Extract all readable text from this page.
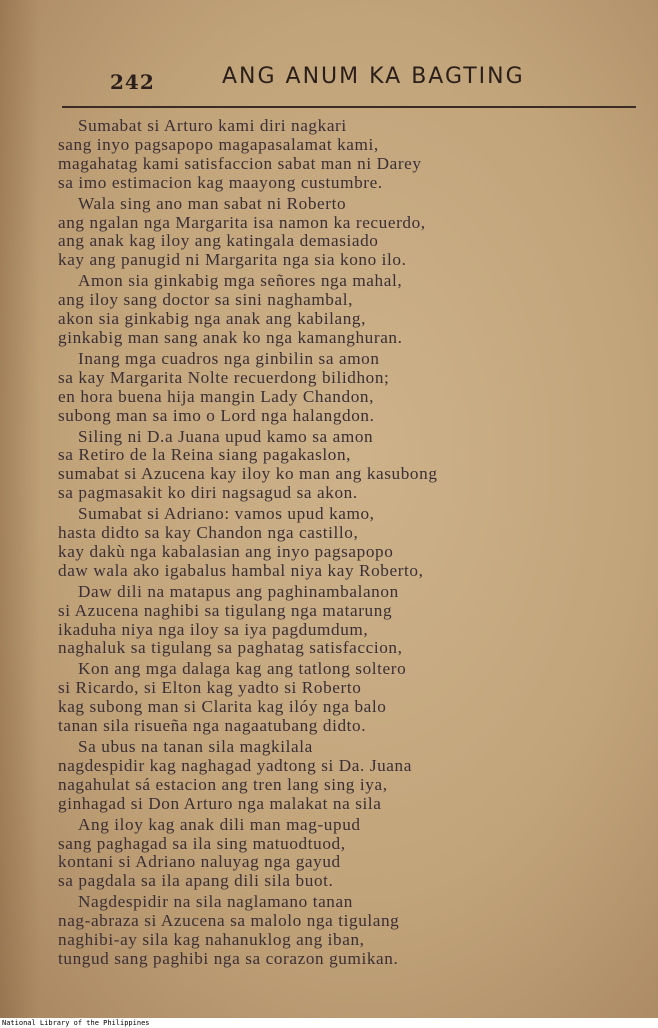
242	ANG ANUM KA BAGTING
Sumabat si Arturo kami diri nagkari
sang inyo pagsapopo magapasalamat kami,
magahatag kami satisfaccion sabat man ni Darey
sa imo estimacion kag maayong custumbre.
Wala sing ano man sabat ni Roberto
ang ngalan nga Margarita isa namon ka recuerdo,
ang anak kag iloy ang katingala demasiado
kay ang panugid ni Margarita nga sia kono ilo.
Amon sia ginkabig mga señores nga mahal,
ang iloy sang doctor sa sini naghambal,
akon sia ginkabig nga anak ang kabilang,
ginkabig man sang anak ko nga kamanghuran.
Inang mga cuadros nga ginbilin sa amon
sa kay Margarita Nolte recuerdong bilidhon;
en hora buena hija mangin Lady Chandon,
subong man sa imo o Lord nga halangdon.
Siling ni D.a Juana upud kamo sa amon
sa Retiro de la Reina siang pagakaslon,
sumabat si Azucena kay iloy ko man ang kasubong
sa pagmasakit ko diri nagsagud sa akon.
Sumabat si Adriano: vamos upud kamo,
hasta didto sa kay Chandon nga castillo,
kay dakù nga kabalasian ang inyo pagsapopo
daw wala ako igabalus hambal niya kay Roberto,
Daw dili na matapus ang paghinambalanon
si Azucena naghibi sa tigulang nga matarung
ikaduha niya nga iloy sa iya pagdumdum,
naghaluk sa tigulang sa paghatag satisfaccion,
Kon ang mga dalaga kag ang tatlong soltero
si Ricardo, si Elton kag yadto si Roberto
kag subong man si Clarita kag ilóy nga balo
tanan sila risueña nga nagaatubang didto.
Sa ubus na tanan sila magkilala
nagdespidir kag naghagad yadtong si Da. Juana
nagahulat sá estacion ang tren lang sing iya,
ginhagad si Don Arturo nga malakat na sila
Ang iloy kag anak dili man mag-upud
sang paghagad sa ila sing matuodtuod,
kontani si Adriano naluyag nga gayud
sa pagdala sa ila apang dili sila buot.
Nagdespidir na sila naglamano tanan
nag-abraza si Azucena sa malolo nga tigulang
naghibi-ay sila kag nahanuklog ang iban,
tungud sang paghibi nga sa corazon gumikan.
National Library of the Philippines
